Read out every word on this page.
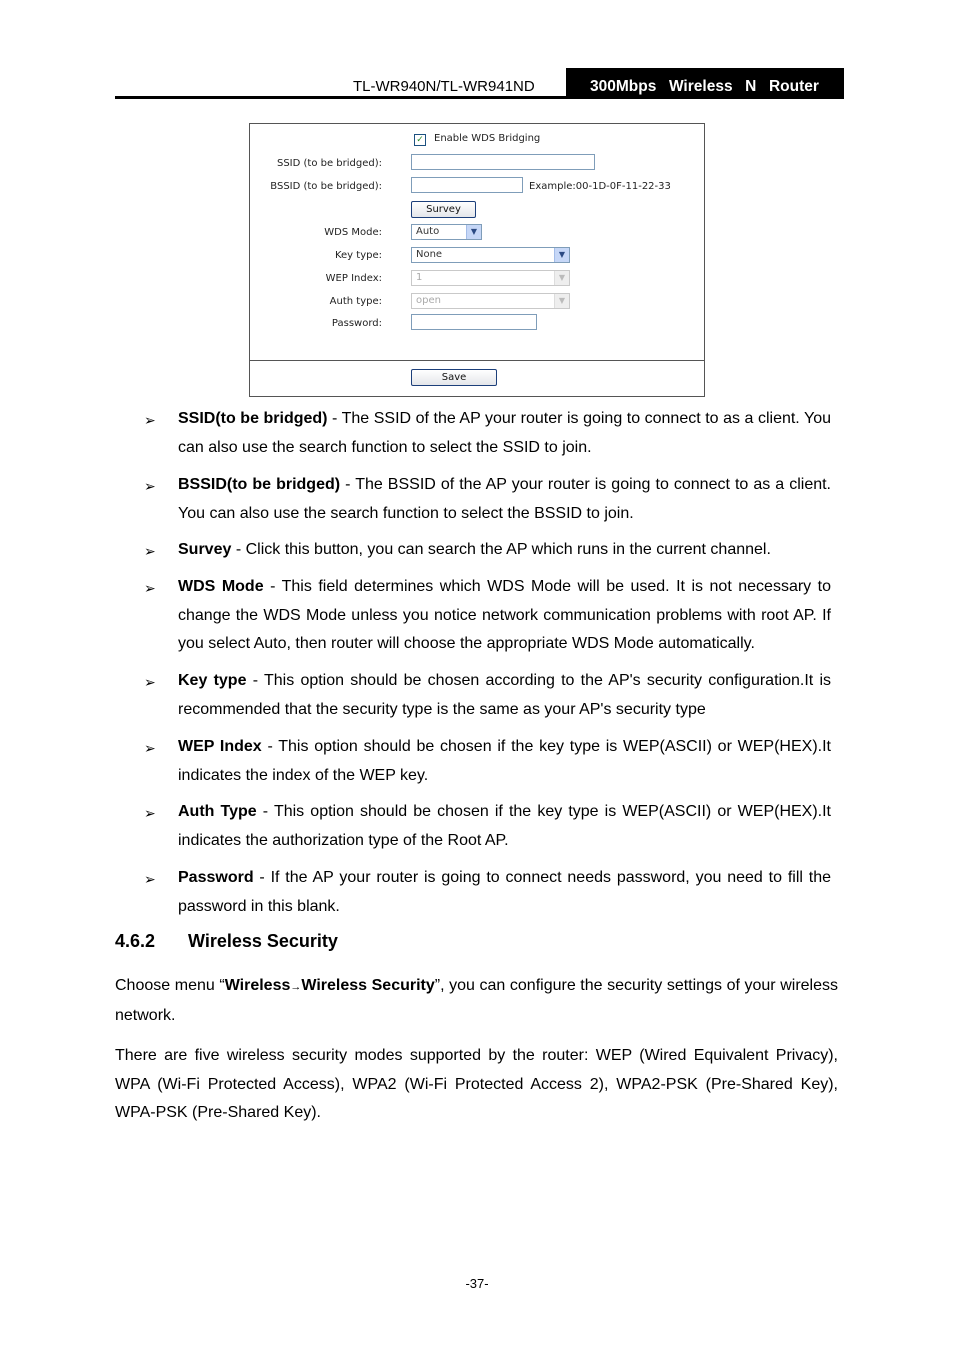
TL-WR940N/TL-WR941ND	300Mbps  Wireless  N  Router
✓ Enable WDS Bridging
SSID (to be bridged):
BSSID (to be bridged):	Example:00-1D-0F-11-22-33
Survey
WDS Mode:	Auto	▼
Key type:	None	▼
WEP Index:	1	▼
Auth type:	open	▼
Password:
Save
➢ SSID(to be bridged) - The SSID of the AP your router is going to connect to as a client. You can also use the search function to select the SSID to join.
➢ BSSID(to be bridged) - The BSSID of the AP your router is going to connect to as a client. You can also use the search function to select the BSSID to join.
➢ Survey - Click this button, you can search the AP which runs in the current channel.
➢ WDS Mode - This field determines which WDS Mode will be used. It is not necessary to change the WDS Mode unless you notice network communication problems with root AP. If you select Auto, then router will choose the appropriate WDS Mode automatically.
➢ Key type - This option should be chosen according to the AP's security configuration.It is recommended that the security type is the same as your AP's security type
➢ WEP Index - This option should be chosen if the key type is WEP(ASCII) or WEP(HEX).It indicates the index of the WEP key.
➢ Auth Type - This option should be chosen if the key type is WEP(ASCII) or WEP(HEX).It indicates the authorization type of the Root AP.
➢ Password - If the AP your router is going to connect needs password, you need to fill the password in this blank.
4.6.2 Wireless Security
Choose menu “Wireless→Wireless Security”, you can configure the security settings of your wireless network.
There are five wireless security modes supported by the router: WEP (Wired Equivalent Privacy), WPA (Wi-Fi Protected Access), WPA2 (Wi-Fi Protected Access 2), WPA2-PSK (Pre-Shared Key), WPA-PSK (Pre-Shared Key).
-37-
